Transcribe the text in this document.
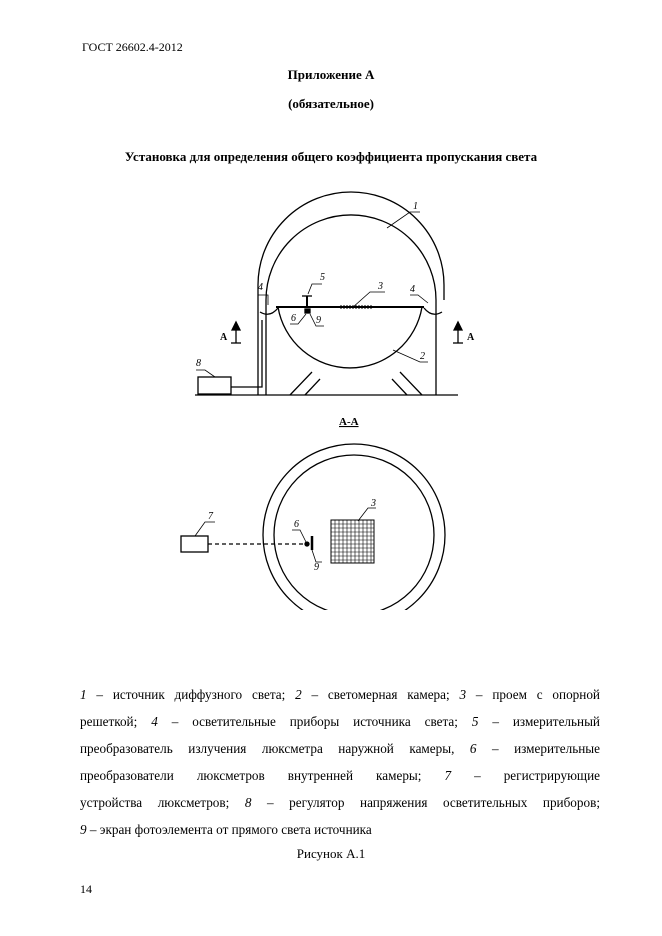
ГОСТ 26602.4-2012
Приложение А
(обязательное)
Установка для определения общего коэффициента пропускания света
1
2
3
4	4
5
6 9
8
А	А
А-А
7
6
9
3
1 – источник диффузного света; 2 – светомерная камера; 3 – проем с опорной
решеткой; 4 – осветительные приборы источника света; 5 – измерительный
преобразователь излучения люксметра наружной камеры, 6 – измерительные
преобразователи люксметров внутренней камеры; 7 – регистрирующие
устройства люксметров; 8 – регулятор напряжения осветительных приборов;
9 – экран фотоэлемента от прямого света источника
Рисунок А.1
14
